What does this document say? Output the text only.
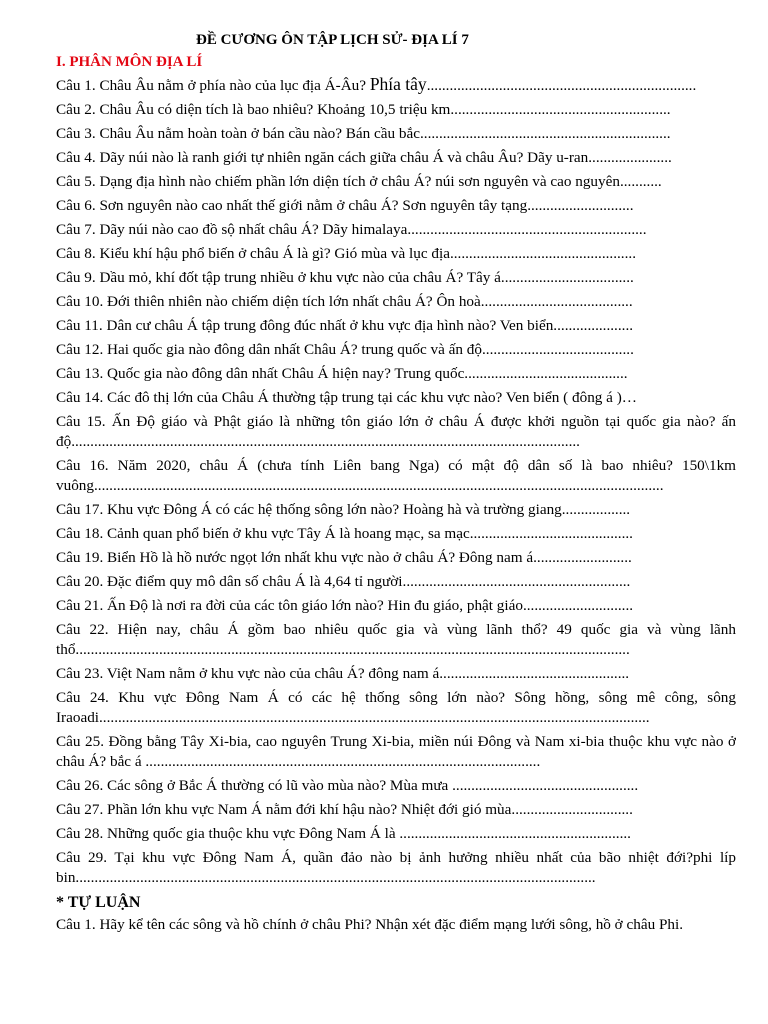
ĐỀ CƯƠNG ÔN TẬP LỊCH SỬ- ĐỊA LÍ 7
I. PHÂN MÔN ĐỊA LÍ
Câu 1. Châu Âu nằm ở phía nào của lục địa Á-Âu? Phía tây.......................................................................
Câu 2. Châu Âu có diện tích là bao nhiêu? Khoảng 10,5 triệu km..........................................................
Câu 3. Châu Âu nằm hoàn toàn ở bán cầu nào? Bán cầu bắc..................................................................
Câu 4. Dãy núi nào là ranh giới tự nhiên ngăn cách giữa châu Á và châu Âu? Dãy u-ran......................
Câu 5. Dạng địa hình nào chiếm phần lớn diện tích ở châu Á? núi sơn nguyên và cao nguyên...........
Câu 6. Sơn nguyên nào cao nhất thế giới nằm ở châu Á? Sơn nguyên tây tạng............................
Câu 7. Dãy núi nào cao đồ sộ nhất châu Á? Dãy himalaya...............................................................
Câu 8. Kiểu khí hậu phổ biến ở châu Á là gì? Gió mùa và lục địa.................................................
Câu 9. Dầu mỏ, khí đốt tập trung nhiều ở khu vực nào của châu Á? Tây á...................................
Câu 10. Đới thiên nhiên nào chiếm diện tích lớn nhất châu Á? Ôn hoà........................................
Câu 11. Dân cư châu Á tập trung đông đúc nhất ở khu vực địa hình nào? Ven biển.....................
Câu 12. Hai quốc gia nào đông dân nhất Châu Á? trung quốc và ấn độ........................................
Câu 13. Quốc gia nào đông dân nhất Châu Á hiện nay? Trung quốc...........................................
Câu 14. Các đô thị lớn của Châu Á thường tập trung tại các khu vực nào? Ven biển ( đông á )…
Câu 15. Ấn Độ giáo và Phật giáo là những tôn giáo lớn ở châu Á được khởi nguồn tại quốc gia nào? ấn độ......................................................................................................................................
Câu 16. Năm 2020, châu Á (chưa tính Liên bang Nga) có mật độ dân số là bao nhiêu? 150\1km vuông......................................................................................................................................................
Câu 17. Khu vực Đông Á có các hệ thống sông lớn nào? Hoàng hà và trường giang..................
Câu 18. Cảnh quan phổ biến ở khu vực Tây Á là hoang mạc, sa mạc...........................................
Câu 19. Biển Hồ là hồ nước ngọt lớn nhất khu vực nào ở châu Á? Đông nam á..........................
Câu 20. Đặc điểm quy mô dân số châu Á là 4,64 tỉ người............................................................
Câu 21. Ấn Độ là nơi ra đời của các tôn giáo lớn nào? Hin đu giáo, phật giáo.............................
Câu 22. Hiện nay, châu Á gồm bao nhiêu quốc gia và vùng lãnh thổ? 49 quốc gia và vùng lãnh thổ..................................................................................................................................................
Câu 23. Việt Nam nằm ở khu vực nào của châu Á? đông nam á..................................................
Câu 24. Khu vực Đông Nam Á có các hệ thống sông lớn nào? Sông hồng, sông mê công, sông Iraoadi.................................................................................................................................................
Câu 25. Đồng bằng Tây Xi-bia, cao nguyên Trung Xi-bia, miền núi Đông và Nam xi-bia thuộc khu vực nào ở châu Á? bắc á ........................................................................................................
Câu 26. Các sông ở Bắc Á thường có lũ vào mùa nào? Mùa mưa .................................................
Câu 27. Phần lớn khu vực Nam Á nằm đới khí hậu nào? Nhiệt đới gió mùa................................
Câu 28. Những quốc gia thuộc khu vực Đông Nam Á là .............................................................
Câu 29. Tại khu vực Đông Nam Á, quần đảo nào bị ảnh hưởng nhiều nhất của bão nhiệt đới?phi líp bin.........................................................................................................................................
* TỰ LUẬN
Câu 1. Hãy kể tên các sông và hồ chính ở châu Phi? Nhận xét đặc điểm mạng lưới sông, hồ ở châu Phi.
